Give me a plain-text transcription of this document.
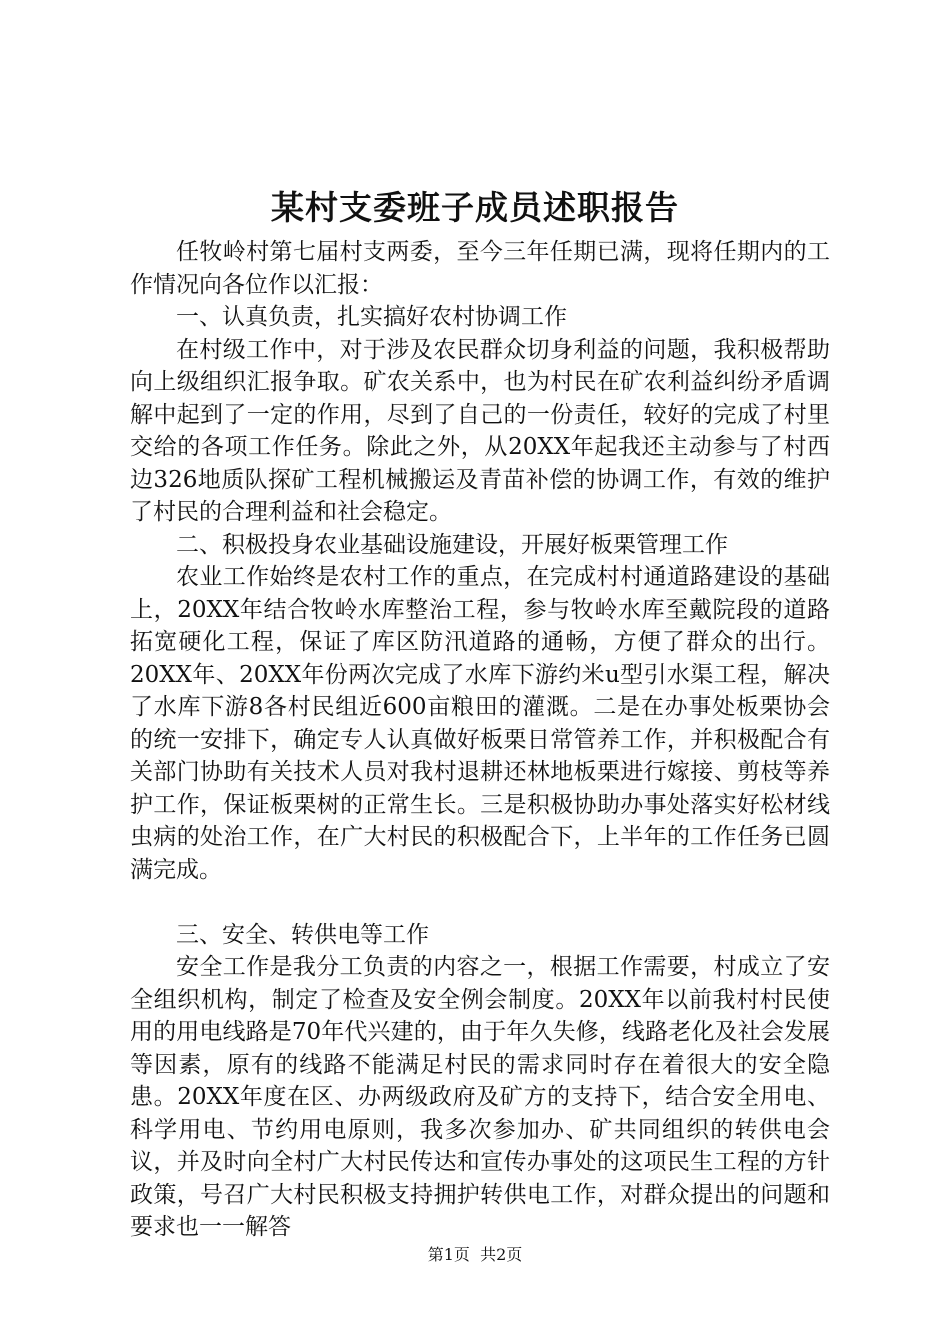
某村支委班子成员述职报告

任牧岭村第七届村支两委，至今三年任期已满，现将任期内的工作情况向各位作以汇报：

一、认真负责，扎实搞好农村协调工作

在村级工作中，对于涉及农民群众切身利益的问题，我积极帮助向上级组织汇报争取。矿农关系中，也为村民在矿农利益纠纷矛盾调解中起到了一定的作用，尽到了自己的一份责任，较好的完成了村里交给的各项工作任务。除此之外，从20XX年起我还主动参与了村西边326地质队探矿工程机械搬运及青苗补偿的协调工作，有效的维护了村民的合理利益和社会稳定。

二、积极投身农业基础设施建设，开展好板栗管理工作

农业工作始终是农村工作的重点，在完成村村通道路建设的基础上，20XX年结合牧岭水库整治工程，参与牧岭水库至戴院段的道路拓宽硬化工程，保证了库区防汛道路的通畅，方便了群众的出行。20XX年、20XX年份两次完成了水库下游约米u型引水渠工程，解决了水库下游8各村民组近600亩粮田的灌溉。二是在办事处板栗协会的统一安排下，确定专人认真做好板栗日常管养工作，并积极配合有关部门协助有关技术人员对我村退耕还林地板栗进行嫁接、剪枝等养护工作，保证板栗树的正常生长。三是积极协助办事处落实好松材线虫病的处治工作，在广大村民的积极配合下，上半年的工作任务已圆满完成。

三、安全、转供电等工作

安全工作是我分工负责的内容之一，根据工作需要，村成立了安全组织机构，制定了检查及安全例会制度。20XX年以前我村村民使用的用电线路是70年代兴建的，由于年久失修，线路老化及社会发展等因素，原有的线路不能满足村民的需求同时存在着很大的安全隐患。20XX年度在区、办两级政府及矿方的支持下，结合安全用电、科学用电、节约用电原则，我多次参加办、矿共同组织的转供电会议，并及时向全村广大村民传达和宣传办事处的这项民生工程的方针政策，号召广大村民积极支持拥护转供电工作，对群众提出的问题和要求也一一解答

第1页 共2页
